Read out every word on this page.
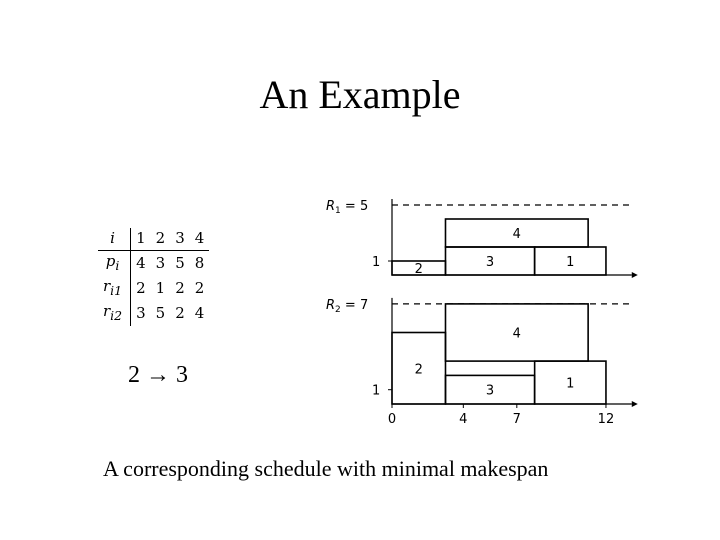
An Example
i	1	2	3	4
$p_i$	4	3	5	8
$r_{i1}$	2	1	2	2
$r_{i2}$	3	5	2	4
2 → 3
A corresponding schedule with minimal makespan
$R_1 = 5$
1	2	3	1
4
$R_2 = 7$
1
2
3	1
4
0	4	7	12
